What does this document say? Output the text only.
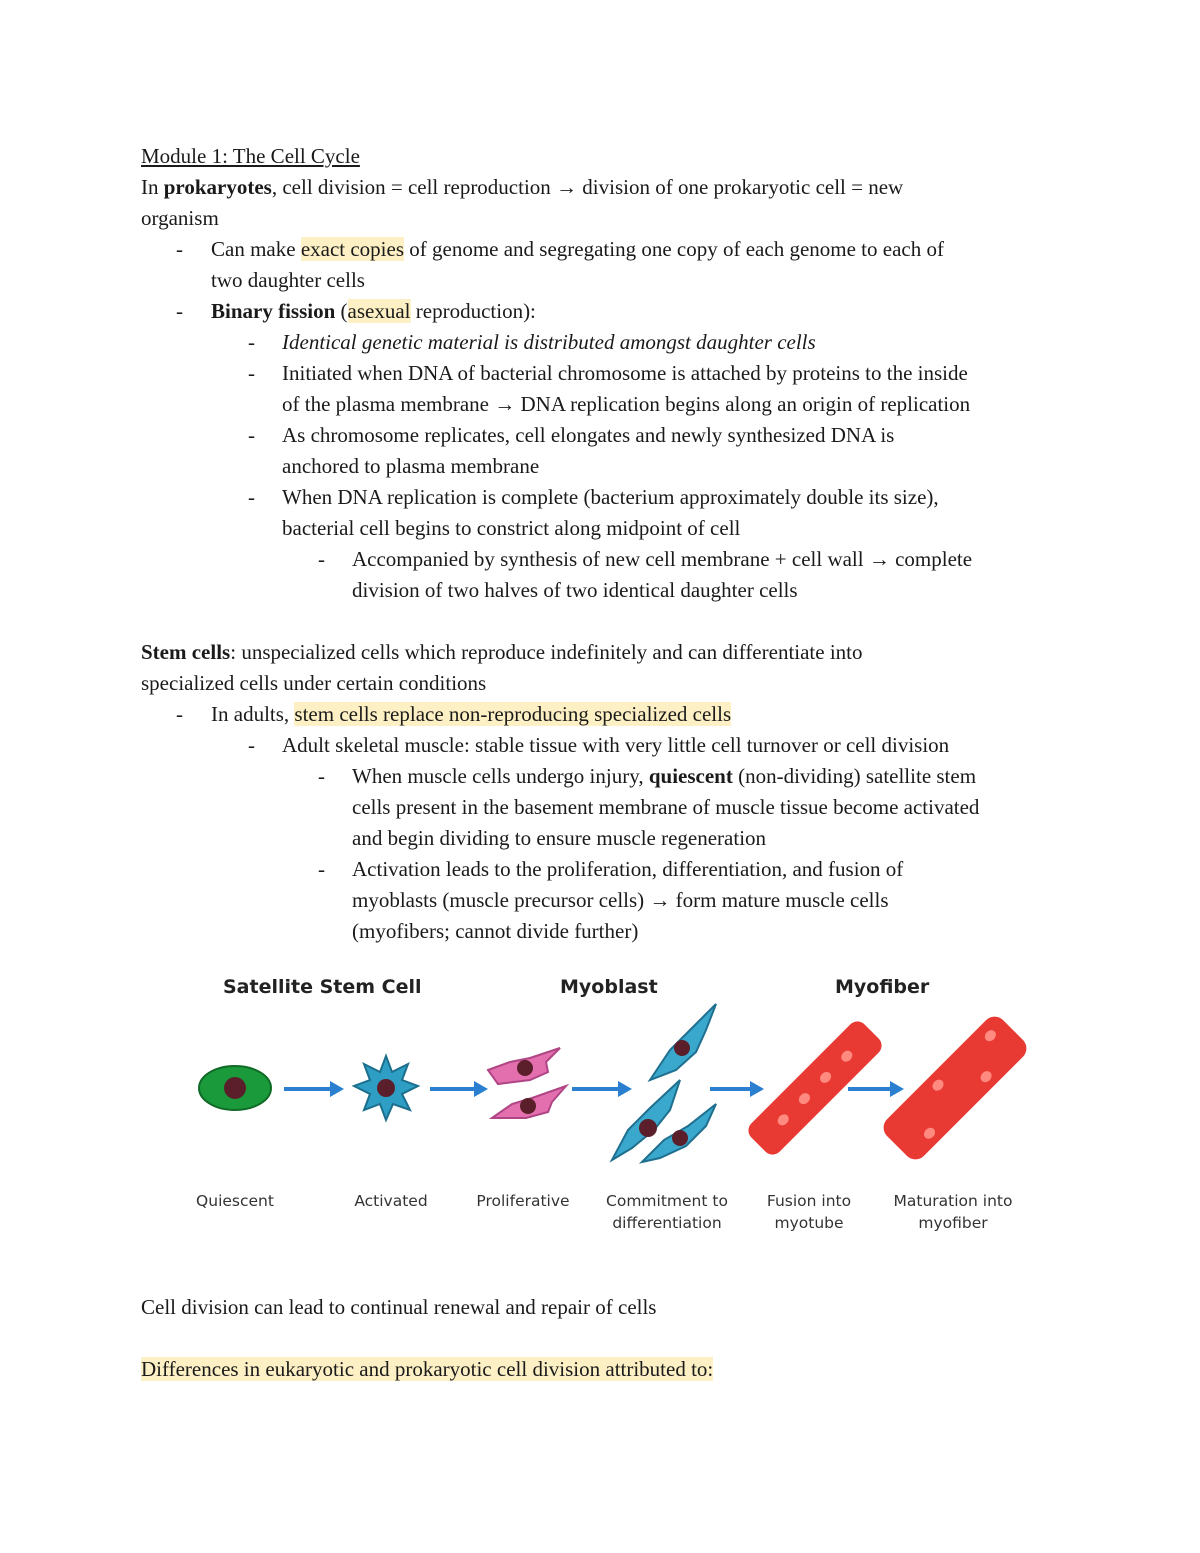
Module 1: The Cell Cycle
In prokaryotes, cell division = cell reproduction → division of one prokaryotic cell = new
organism
- Can make exact copies of genome and segregating one copy of each genome to each of
two daughter cells
- Binary fission (asexual reproduction):
- Identical genetic material is distributed amongst daughter cells
- Initiated when DNA of bacterial chromosome is attached by proteins to the inside
of the plasma membrane → DNA replication begins along an origin of replication
- As chromosome replicates, cell elongates and newly synthesized DNA is
anchored to plasma membrane
- When DNA replication is complete (bacterium approximately double its size),
bacterial cell begins to constrict along midpoint of cell
- Accompanied by synthesis of new cell membrane + cell wall → complete
division of two halves of two identical daughter cells
Stem cells: unspecialized cells which reproduce indefinitely and can differentiate into
specialized cells under certain conditions
- In adults, stem cells replace non-reproducing specialized cells
- Adult skeletal muscle: stable tissue with very little cell turnover or cell division
- When muscle cells undergo injury, quiescent (non-dividing) satellite stem
cells present in the basement membrane of muscle tissue become activated
and begin dividing to ensure muscle regeneration
- Activation leads to the proliferation, differentiation, and fusion of
myoblasts (muscle precursor cells) → form mature muscle cells
(myofibers; cannot divide further)
Satellite Stem Cell	Myoblast	Myofiber
Quiescent	Activated	Proliferative	Commitment to
differentiation
Fusion into
myotube
Maturation into
myofiber
Cell division can lead to continual renewal and repair of cells
Differences in eukaryotic and prokaryotic cell division attributed to:
